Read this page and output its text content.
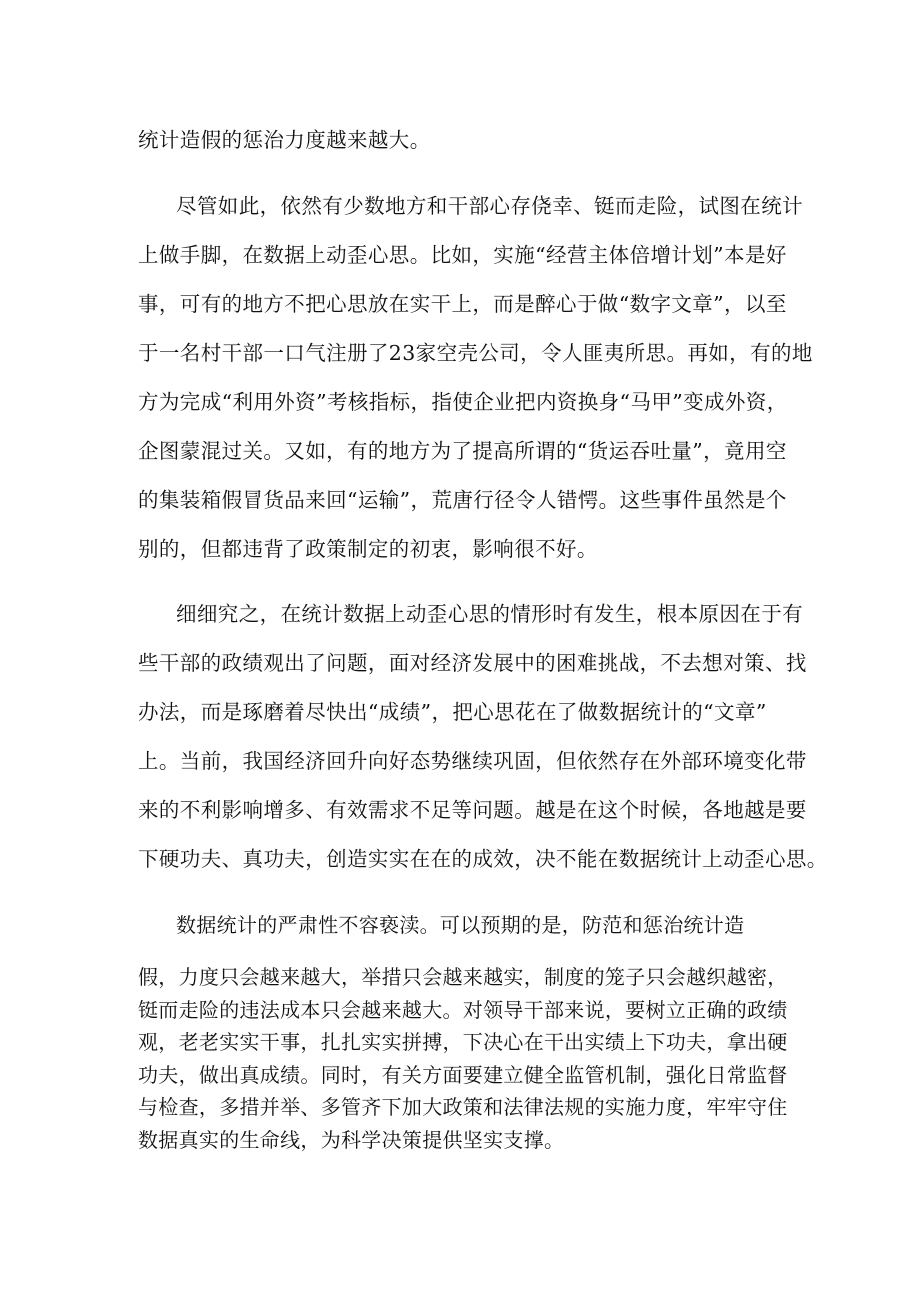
统计造假的惩治力度越来越大。
尽管如此，依然有少数地方和干部心存侥幸、铤而走险，试图在统计
上做手脚，在数据上动歪心思。比如，实施“经营主体倍增计划”本是好
事，可有的地方不把心思放在实干上，而是醉心于做“数字文章”，以至
于一名村干部一口气注册了23家空壳公司，令人匪夷所思。再如，有的地
方为完成“利用外资”考核指标，指使企业把内资换身“马甲”变成外资，
企图蒙混过关。又如，有的地方为了提高所谓的“货运吞吐量”，竟用空
的集装箱假冒货品来回“运输”，荒唐行径令人错愕。这些事件虽然是个
别的，但都违背了政策制定的初衷，影响很不好。
细细究之，在统计数据上动歪心思的情形时有发生，根本原因在于有
些干部的政绩观出了问题，面对经济发展中的困难挑战，不去想对策、找
办法，而是琢磨着尽快出“成绩”，把心思花在了做数据统计的“文章”
上。当前，我国经济回升向好态势继续巩固，但依然存在外部环境变化带
来的不利影响增多、有效需求不足等问题。越是在这个时候，各地越是要
下硬功夫、真功夫，创造实实在在的成效，决不能在数据统计上动歪心思。
数据统计的严肃性不容亵渎。可以预期的是，防范和惩治统计造
假，力度只会越来越大，举措只会越来越实，制度的笼子只会越织越密，
铤而走险的违法成本只会越来越大。对领导干部来说，要树立正确的政绩
观，老老实实干事，扎扎实实拼搏，下决心在干出实绩上下功夫，拿出硬
功夫，做出真成绩。同时，有关方面要建立健全监管机制，强化日常监督
与检查，多措并举、多管齐下加大政策和法律法规的实施力度，牢牢守住
数据真实的生命线，为科学决策提供坚实支撑。
